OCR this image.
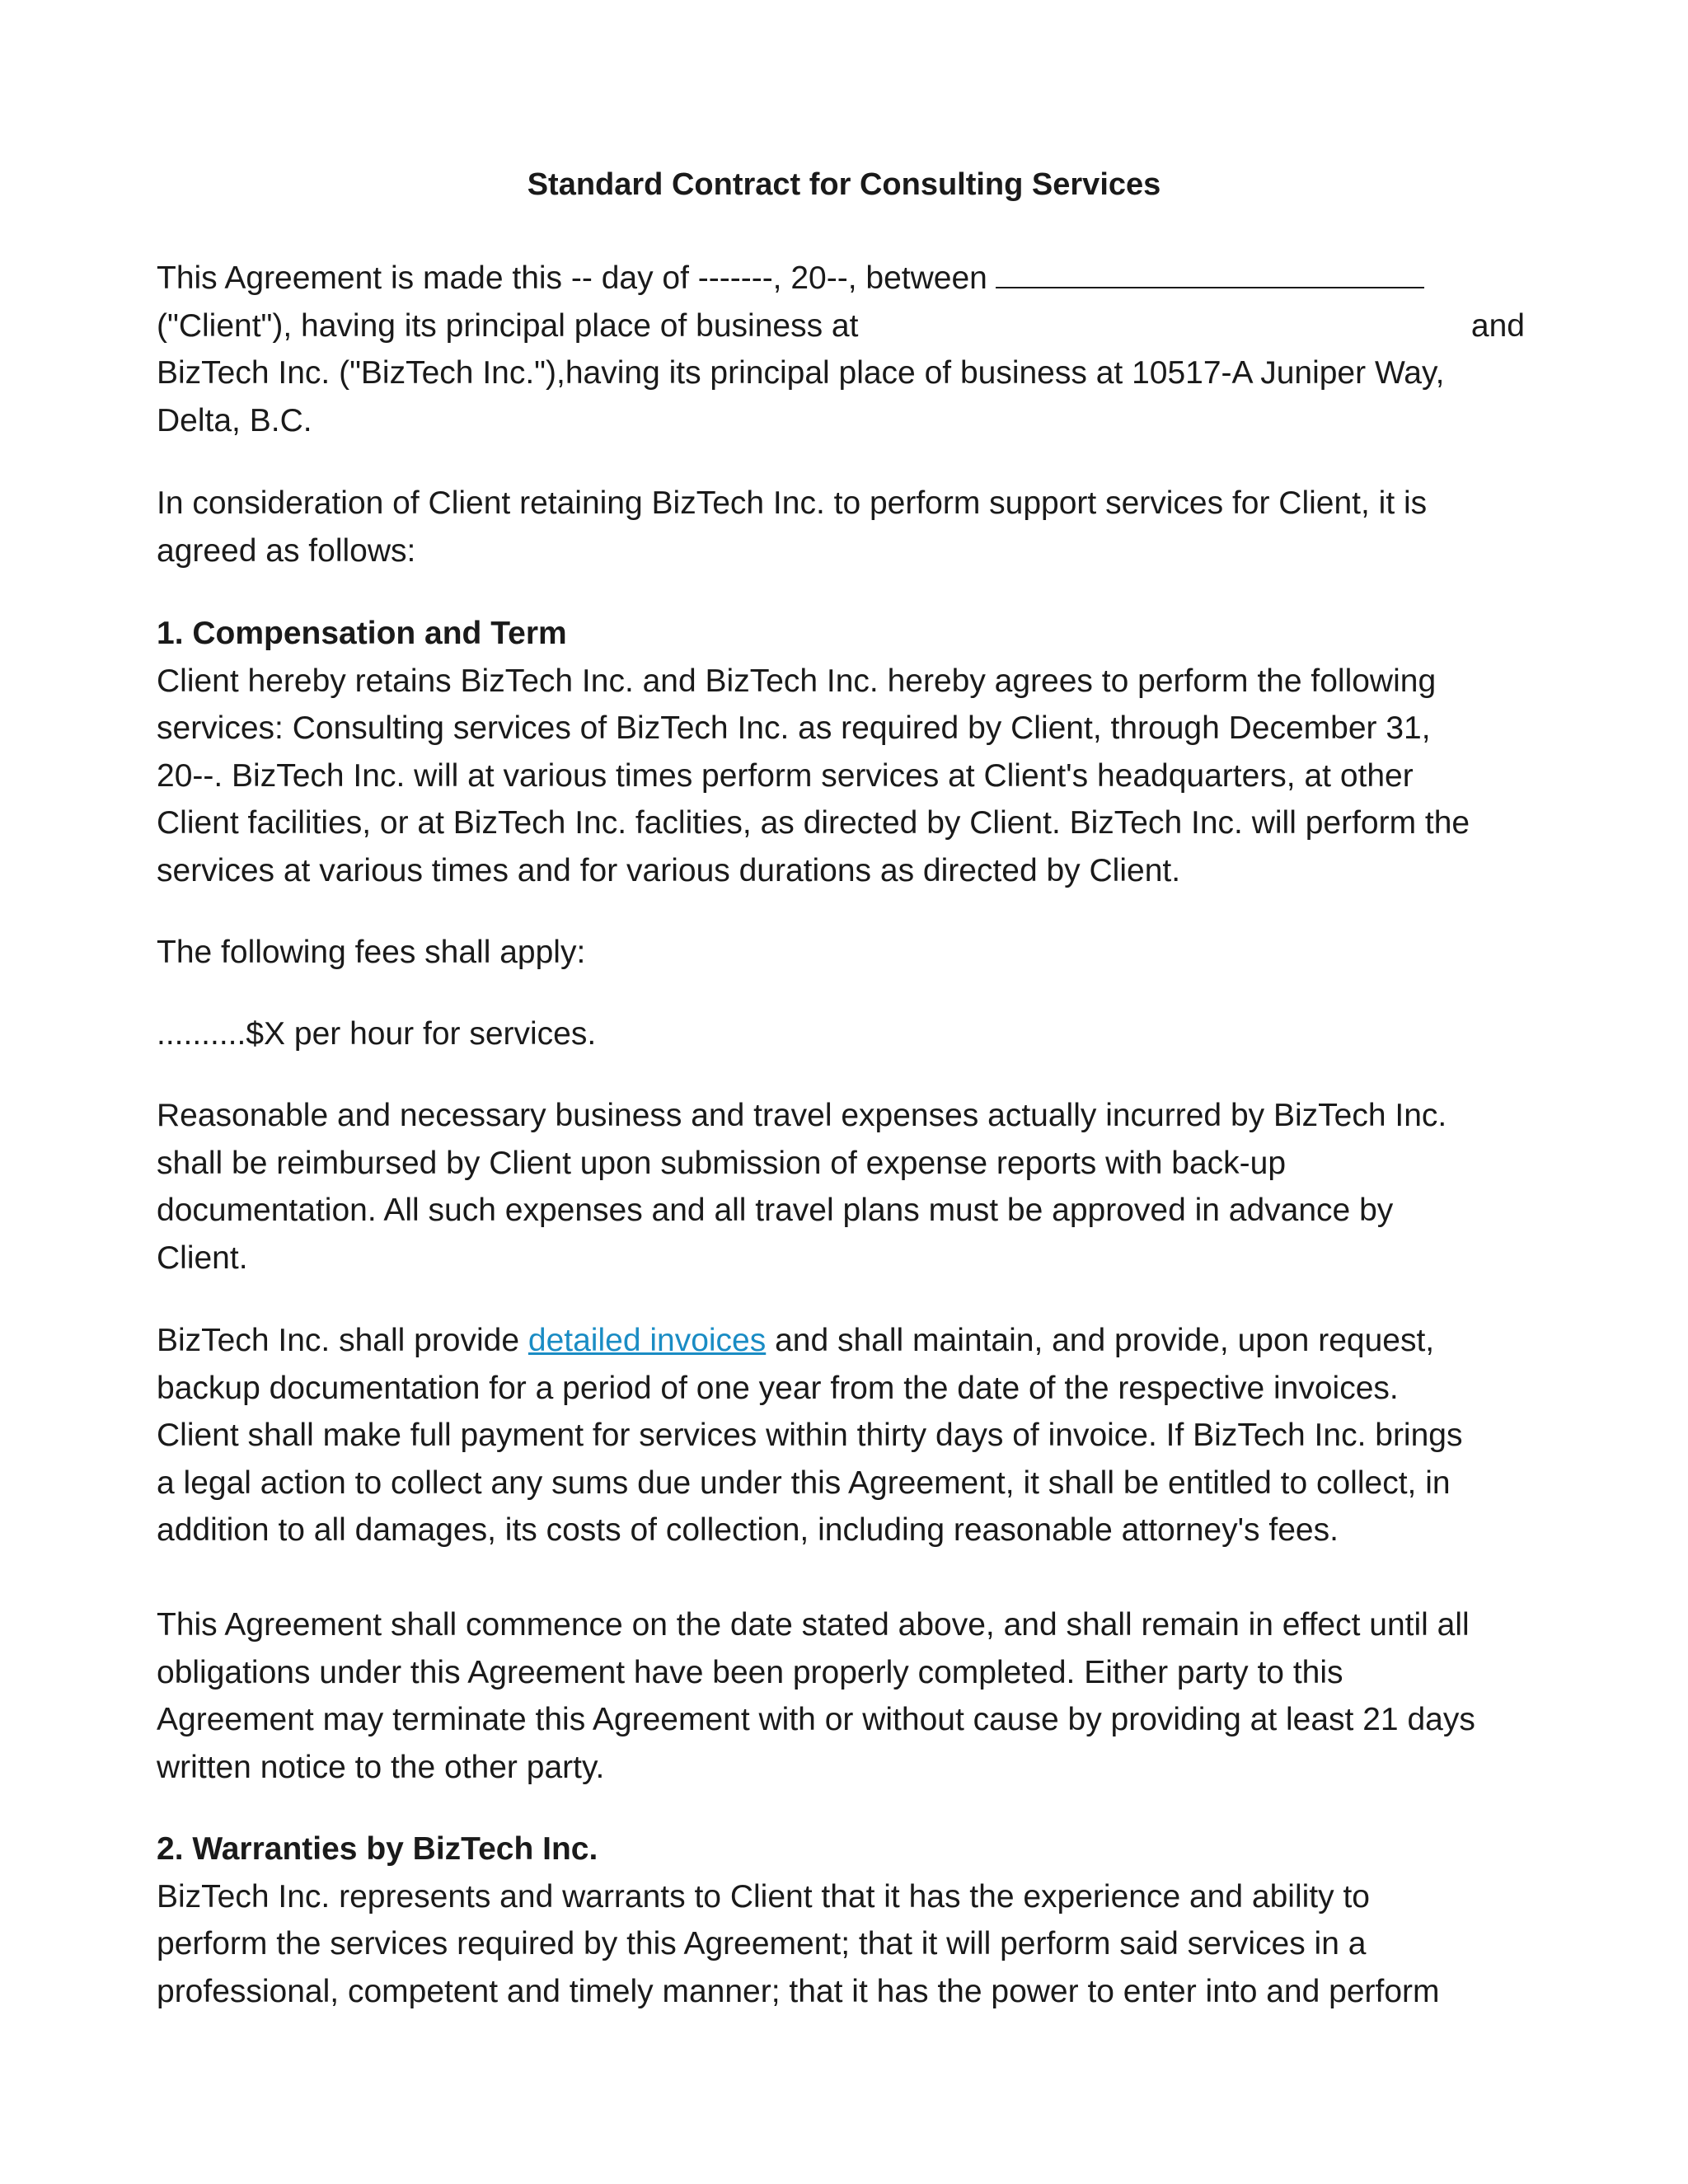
Standard Contract for Consulting Services
This Agreement is made this -- day of -------, 20--, between
("Client"), having its principal place of business at	and
BizTech Inc. ("BizTech Inc."),having its principal place of business at 10517-A Juniper Way,
Delta, B.C.
In consideration of Client retaining BizTech Inc. to perform support services for Client, it is
agreed as follows:
1. Compensation and Term
Client hereby retains BizTech Inc. and BizTech Inc. hereby agrees to perform the following
services: Consulting services of BizTech Inc. as required by Client, through December 31,
20--. BizTech Inc. will at various times perform services at Client's headquarters, at other
Client facilities, or at BizTech Inc. faclities, as directed by Client. BizTech Inc. will perform the
services at various times and for various durations as directed by Client.
The following fees shall apply:
..........$X per hour for services.
Reasonable and necessary business and travel expenses actually incurred by BizTech Inc.
shall be reimbursed by Client upon submission of expense reports with back-up
documentation. All such expenses and all travel plans must be approved in advance by
Client.
BizTech Inc. shall provide detailed invoices and shall maintain, and provide, upon request,
backup documentation for a period of one year from the date of the respective invoices.
Client shall make full payment for services within thirty days of invoice. If BizTech Inc. brings
a legal action to collect any sums due under this Agreement, it shall be entitled to collect, in
addition to all damages, its costs of collection, including reasonable attorney's fees.
This Agreement shall commence on the date stated above, and shall remain in effect until all
obligations under this Agreement have been properly completed. Either party to this
Agreement may terminate this Agreement with or without cause by providing at least 21 days
written notice to the other party.
2. Warranties by BizTech Inc.
BizTech Inc. represents and warrants to Client that it has the experience and ability to
perform the services required by this Agreement; that it will perform said services in a
professional, competent and timely manner; that it has the power to enter into and perform
